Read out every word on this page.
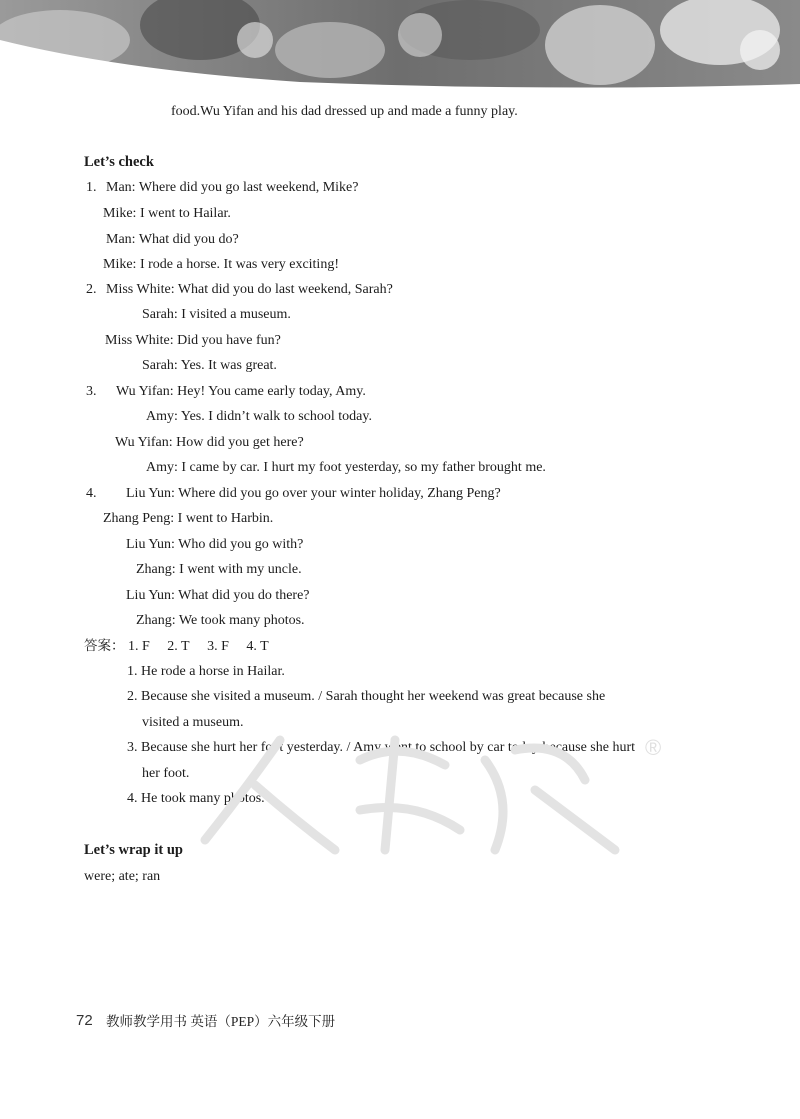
food.Wu Yifan and his dad dressed up and made a funny play.
Let’s check
1. Man: Where did you go last weekend, Mike?
Mike: I went to Hailar.
Man: What did you do?
Mike: I rode a horse. It was very exciting!
2. Miss White: What did you do last weekend, Sarah?
Sarah: I visited a museum.
Miss White: Did you have fun?
Sarah: Yes. It was great.
3. Wu Yifan: Hey! You came early today, Amy.
Amy: Yes. I didn’t walk to school today.
Wu Yifan: How did you get here?
Amy: I came by car. I hurt my foot yesterday, so my father brought me.
4. Liu Yun: Where did you go over your winter holiday, Zhang Peng?
Zhang Peng: I went to Harbin.
Liu Yun: Who did you go with?
Zhang: I went with my uncle.
Liu Yun: What did you do there?
Zhang: We took many photos.
答案： 1. F 2. T 3. F 4. T
1. He rode a horse in Hailar.
2. Because she visited a museum. / Sarah thought her weekend was great because she
visited a museum.
3. Because she hurt her foot yesterday. / Amy went to school by car today because she hurt
her foot.
4. He took many photos.
®
Let’s wrap it up
were; ate; ran
72 教师教学用书 英语（PEP）六年级下册
